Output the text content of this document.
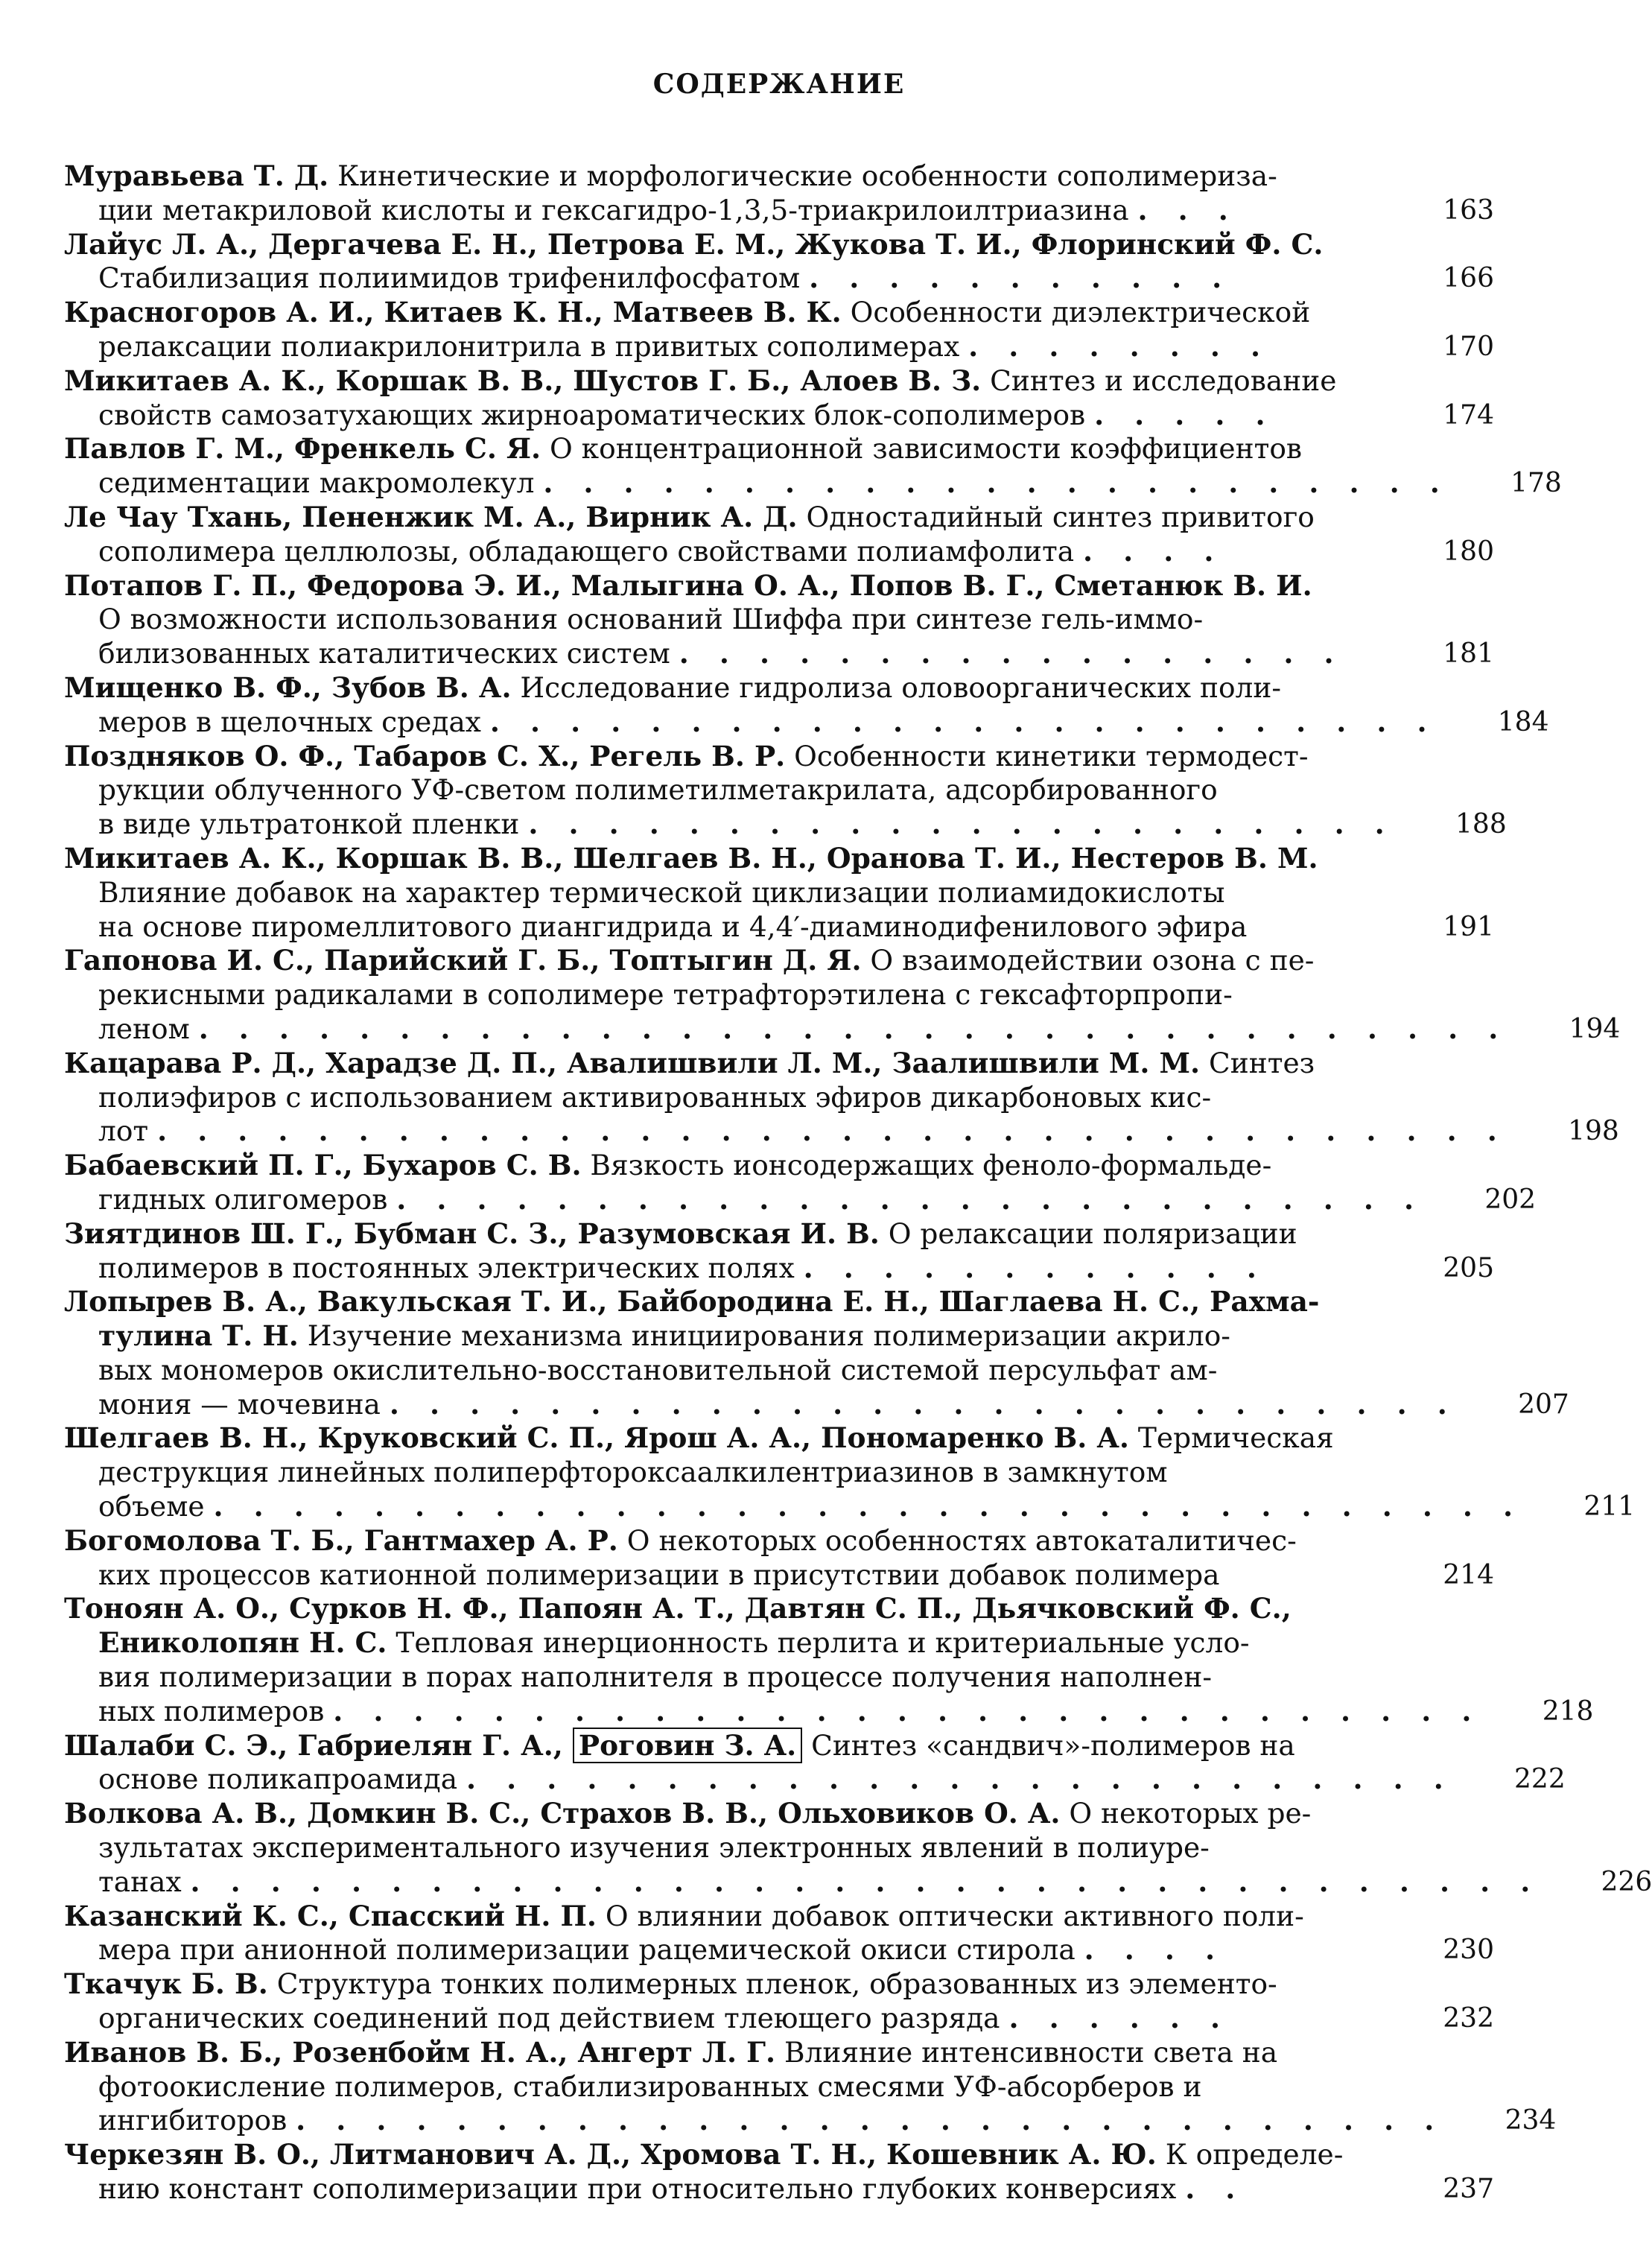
СОДЕРЖАНИЕ
Муравьева Т. Д. Кинетические и морфологические особенности сополимериза-
ции метакриловой кислоты и гексагидро-1,3,5-триакрилоилтриазина . . .	163
Лайус Л. А., Дергачева Е. Н., Петрова Е. М., Жукова Т. И., Флоринский Ф. С.
Стабилизация полиимидов трифенилфосфатом . . . . . . . . . . .	166
Красногоров А. И., Китаев К. Н., Матвеев В. К. Особенности диэлектрической
релаксации полиакрилонитрила в привитых сополимерах . . . . . . . .	170
Микитаев А. К., Коршак В. В., Шустов Г. Б., Алоев В. З. Синтез и исследование
свойств самозатухающих жирноароматических блок-сополимеров . . . . .	174
Павлов Г. М., Френкель С. Я. О концентрационной зависимости коэффициентов
седиментации макромолекул . . . . . . . . . . . . . . . . . . . . . . .	178
Ле Чау Тхань, Пененжик М. А., Вирник А. Д. Одностадийный синтез привитого
сополимера целлюлозы, обладающего свойствами полиамфолита . . . .	180
Потапов Г. П., Федорова Э. И., Малыгина О. А., Попов В. Г., Сметанюк В. И.
О возможности использования оснований Шиффа при синтезе гель-иммо-
билизованных каталитических систем . . . . . . . . . . . . . . . . .	181
Мищенко В. Ф., Зубов В. А. Исследование гидролиза оловоорганических поли-
меров в щелочных средах . . . . . . . . . . . . . . . . . . . . . . . .	184
Поздняков О. Ф., Табаров С. Х., Регель В. Р. Особенности кинетики термодест-
рукции облученного УФ-светом полиметилметакрилата, адсорбированного
в виде ультратонкой пленки . . . . . . . . . . . . . . . . . . . . . .	188
Микитаев А. К., Коршак В. В., Шелгаев В. Н., Оранова Т. И., Нестеров В. М.
Влияние добавок на характер термической циклизации полиамидокислоты
на основе пиромеллитового диангидрида и 4,4′-диаминодифенилового эфира	191
Гапонова И. С., Парийский Г. Б., Топтыгин Д. Я. О взаимодействии озона с пе-
рекисными радикалами в сополимере тетрафторэтилена с гексафторпропи-
леном . . . . . . . . . . . . . . . . . . . . . . . . . . . . . . . . .	194
Кацарава Р. Д., Харадзе Д. П., Авалишвили Л. М., Заалишвили М. М. Синтез
полиэфиров с использованием активированных эфиров дикарбоновых кис-
лот . . . . . . . . . . . . . . . . . . . . . . . . . . . . . . . . . .	198
Бабаевский П. Г., Бухаров С. В. Вязкость ионсодержащих феноло-формальде-
гидных олигомеров . . . . . . . . . . . . . . . . . . . . . . . . . .	202
Зиятдинов Ш. Г., Бубман С. З., Разумовская И. В. О релаксации поляризации
полимеров в постоянных электрических полях . . . . . . . . . . . .	205
Лопырев В. А., Вакульская Т. И., Байбородина Е. Н., Шаглаева Н. С., Рахма-
тулина Т. Н. Изучение механизма инициирования полимеризации акрило-
вых мономеров окислительно-восстановительной системой персульфат ам-
мония — мочевина . . . . . . . . . . . . . . . . . . . . . . . . . . .	207
Шелгаев В. Н., Круковский С. П., Ярош А. А., Пономаренко В. А. Термическая
деструкция линейных полиперфтороксаалкилентриазинов в замкнутом
объеме . . . . . . . . . . . . . . . . . . . . . . . . . . . . . . . . .	211
Богомолова Т. Б., Гантмахер А. Р. О некоторых особенностях автокаталитичес-
ких процессов катионной полимеризации в присутствии добавок полимера	214
Тоноян А. О., Сурков Н. Ф., Папоян А. Т., Давтян С. П., Дьячковский Ф. С.,
Ениколопян Н. С. Тепловая инерционность перлита и критериальные усло-
вия полимеризации в порах наполнителя в процессе получения наполнен-
ных полимеров . . . . . . . . . . . . . . . . . . . . . . . . . . . . .	218
Шалаби С. Э., Габриелян Г. А., Роговин З. А. Синтез «сандвич»-полимеров на
основе поликапроамида . . . . . . . . . . . . . . . . . . . . . . . . .	222
Волкова А. В., Домкин В. С., Страхов В. В., Ольховиков О. А. О некоторых ре-
зультатах экспериментального изучения электронных явлений в полиуре-
танах . . . . . . . . . . . . . . . . . . . . . . . . . . . . . . . . . .	226
Казанский К. С., Спасский Н. П. О влиянии добавок оптически активного поли-
мера при анионной полимеризации рацемической окиси стирола . . . .	230
Ткачук Б. В. Структура тонких полимерных пленок, образованных из элементо-
органических соединений под действием тлеющего разряда . . . . . .	232
Иванов В. Б., Розенбойм Н. А., Ангерт Л. Г. Влияние интенсивности света на
фотоокисление полимеров, стабилизированных смесями УФ-абсорберов и
ингибиторов . . . . . . . . . . . . . . . . . . . . . . . . . . . . .	234
Черкезян В. О., Литманович А. Д., Хромова Т. Н., Кошевник А. Ю. К определе-
нию констант сополимеризации при относительно глубоких конверсиях . .	237
